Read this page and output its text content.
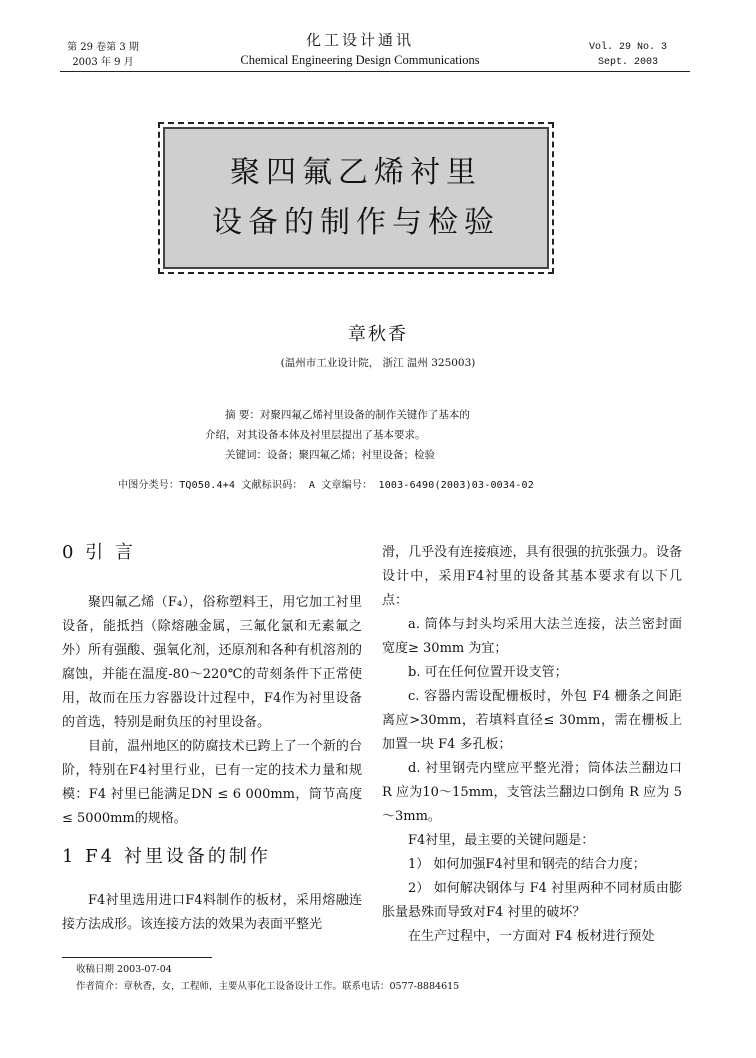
第 29 卷第 3 期
2003 年 9 月
化工设计通讯
Chemical Engineering Design Communications
Vol. 29 No. 3
Sept. 2003
聚四氟乙烯衬里
设备的制作与检验
章秋香
(温州市工业设计院， 浙江 温州 325003)
摘 要：对聚四氟乙烯衬里设备的制作关键作了基本的
介绍，对其设备本体及衬里层提出了基本要求。
关键词：设备；聚四氟乙烯；衬里设备；检验
中图分类号：TQ050.4+4 文献标识码： A 文章编号： 1003-6490(2003)03-0034-02
0 引 言

聚四氟乙烯（F₄），俗称塑料王，用它加工衬里设备，能抵挡（除熔融金属，三氟化氯和无素氟之外）所有强酸、强氧化剂，还原剂和各种有机溶剂的腐蚀，并能在温度-80～220℃的苛刻条件下正常使用，故而在压力容器设计过程中，F4作为衬里设备的首选，特别是耐负压的衬里设备。

目前，温州地区的防腐技术已跨上了一个新的台阶，特别在F4衬里行业，已有一定的技术力量和规模：F4 衬里已能满足DN ≤ 6 000mm，筒节高度≤ 5000mm的规格。

1 F4 衬里设备的制作

F4衬里选用进口F4料制作的板材，采用熔融连接方法成形。该连接方法的效果为表面平整光

滑，几乎没有连接痕迹，具有很强的抗张强力。设备设计中，采用F4衬里的设备其基本要求有以下几点：

a. 筒体与封头均采用大法兰连接，法兰密封面宽度≥ 30mm 为宜；

b. 可在任何位置开设支管；

c. 容器内需设配栅板时，外包 F4 栅条之间距离应>30mm，若填料直径≤ 30mm，需在栅板上加置一块 F4 多孔板；

d. 衬里钢壳内壁应平整光滑；筒体法兰翻边口 R 应为10～15mm，支管法兰翻边口倒角 R 应为 5～3mm。

F4衬里，最主要的关键问题是：

1） 如何加强F4衬里和钢壳的结合力度；

2） 如何解决钢体与 F4 衬里两种不同材质由膨胀量悬殊而导致对F4 衬里的破坏？

在生产过程中，一方面对 F4 板材进行预处

收稿日期 2003-07-04
作者简介：章秋香，女，工程师，主要从事化工设备设计工作。联系电话：0577-8884615
